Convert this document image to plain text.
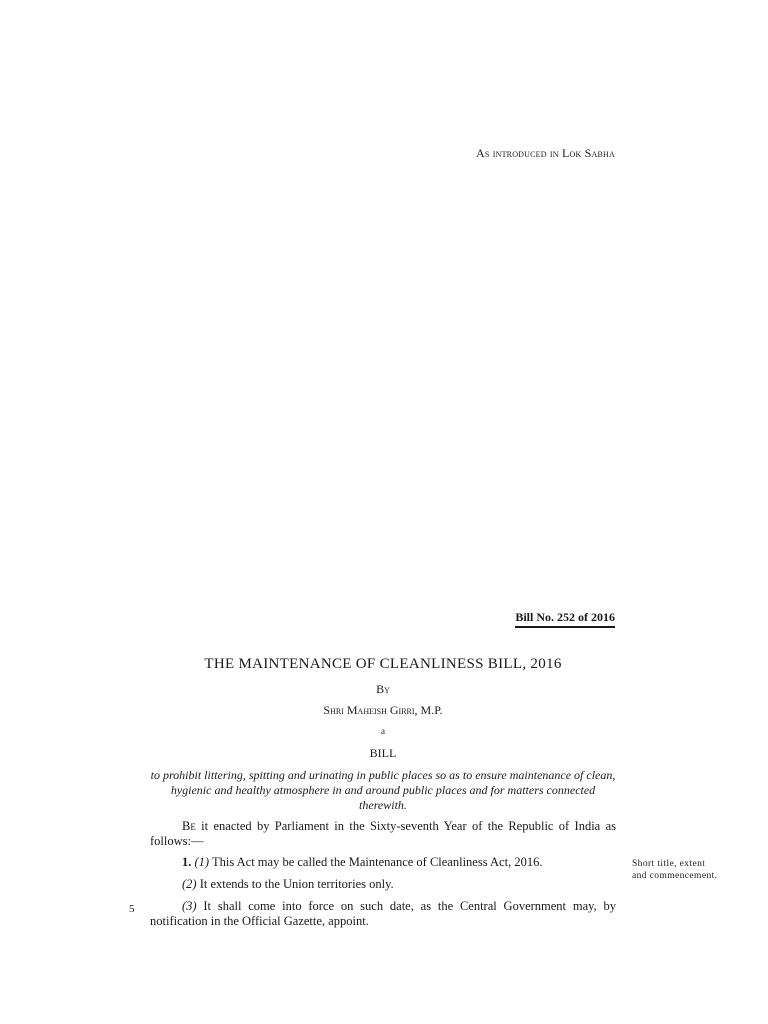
As introduced in Lok Sabha
Bill No. 252 of 2016
THE MAINTENANCE OF CLEANLINESS BILL, 2016
By
Shri Maheish Girri, M.P.
a
BILL
to prohibit littering, spitting and urinating in public places so as to ensure maintenance of clean, hygienic and healthy atmosphere in and around public places and for matters connected therewith.
Be it enacted by Parliament in the Sixty-seventh Year of the Republic of India as follows:—
1. (1) This Act may be called the Maintenance of Cleanliness Act, 2016.
(2) It extends to the Union territories only.
(3) It shall come into force on such date, as the Central Government may, by notification in the Official Gazette, appoint.
Short title, extent and commencement.
5
